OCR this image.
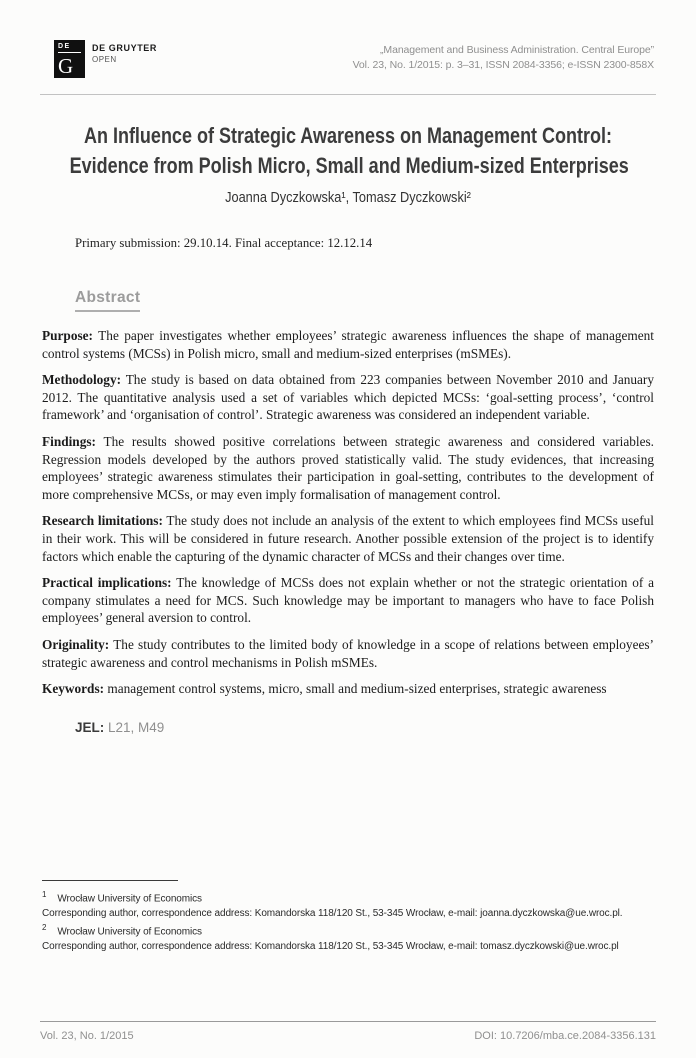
DE
G
DE GRUYTER
OPEN
„Management and Business Administration. Central Europe”
Vol. 23, No. 1/2015: p. 3–31, ISSN 2084-3356; e-ISSN 2300-858X
An Influence of Strategic Awareness on Management Control:
Evidence from Polish Micro, Small and Medium-sized Enterprises
Joanna Dyczkowska¹, Tomasz Dyczkowski²
Primary submission: 29.10.14. Final acceptance: 12.12.14
Abstract

Purpose: The paper investigates whether employees’ strategic awareness influences the shape of management control systems (MCSs) in Polish micro, small and medium-sized enterprises (mSMEs).

Methodology: The study is based on data obtained from 223 companies between November 2010 and January 2012. The quantitative analysis used a set of variables which depicted MCSs: ‘goal-setting process’, ‘control framework’ and ‘organisation of control’. Strategic awareness was considered an independent variable.

Findings: The results showed positive correlations between strategic awareness and considered variables. Regression models developed by the authors proved statistically valid. The study evidences, that increasing employees’ strategic awareness stimulates their participation in goal-setting, contributes to the development of more comprehensive MCSs, or may even imply formalisation of management control.

Research limitations: The study does not include an analysis of the extent to which employees find MCSs useful in their work. This will be considered in future research. Another possible extension of the project is to identify factors which enable the capturing of the dynamic character of MCSs and their changes over time.

Practical implications: The knowledge of MCSs does not explain whether or not the strategic orientation of a company stimulates a need for MCS. Such knowledge may be important to managers who have to face Polish employees’ general aversion to control.

Originality: The study contributes to the limited body of knowledge in a scope of relations between employees’ strategic awareness and control mechanisms in Polish mSMEs.

Keywords: management control systems, micro, small and medium-sized enterprises, strategic awareness

JEL: L21, M49
$^1$ Wrocław University of Economics
Corresponding author, correspondence address: Komandorska 118/120 St., 53-345 Wrocław, e-mail: joanna.dyczkowska@ue.wroc.pl.
$^2$ Wrocław University of Economics
Corresponding author, correspondence address: Komandorska 118/120 St., 53-345 Wrocław, e-mail: tomasz.dyczkowski@ue.wroc.pl
Vol. 23, No. 1/2015	DOI: 10.7206/mba.ce.2084-3356.131
